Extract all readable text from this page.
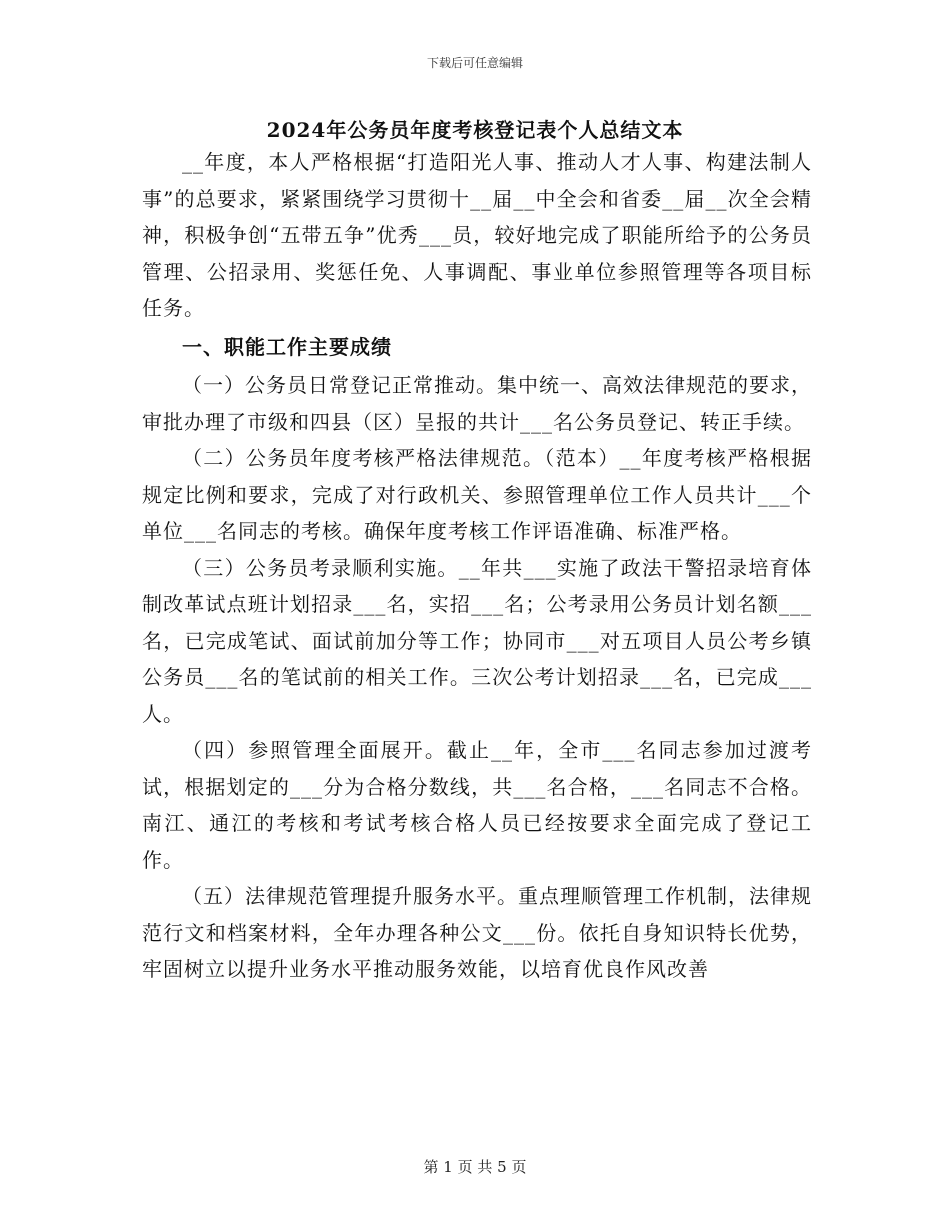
下载后可任意编辑
2024年公务员年度考核登记表个人总结文本

__年度，本人严格根据“打造阳光人事、推动人才人事、构建法制人事”的总要求，紧紧围绕学习贯彻十__届__中全会和省委__届__次全会精神，积极争创“五带五争”优秀___员，较好地完成了职能所给予的公务员管理、公招录用、奖惩任免、人事调配、事业单位参照管理等各项目标任务。

一、职能工作主要成绩

（一）公务员日常登记正常推动。集中统一、高效法律规范的要求，审批办理了市级和四县（区）呈报的共计___名公务员登记、转正手续。

（二）公务员年度考核严格法律规范。（范本）__年度考核严格根据规定比例和要求，完成了对行政机关、参照管理单位工作人员共计___个单位___名同志的考核。确保年度考核工作评语准确、标准严格。

（三）公务员考录顺利实施。__年共___实施了政法干警招录培育体制改革试点班计划招录___名，实招___名；公考录用公务员计划名额___名，已完成笔试、面试前加分等工作；协同市___对五项目人员公考乡镇公务员___名的笔试前的相关工作。三次公考计划招录___名，已完成___人。

（四）参照管理全面展开。截止__年，全市___名同志参加过渡考试，根据划定的___分为合格分数线，共___名合格，___名同志不合格。南江、通江的考核和考试考核合格人员已经按要求全面完成了登记工作。

（五）法律规范管理提升服务水平。重点理顺管理工作机制，法律规范行文和档案材料，全年办理各种公文___份。依托自身知识特长优势，牢固树立以提升业务水平推动服务效能，以培育优良作风改善

第 1 页 共 5 页
